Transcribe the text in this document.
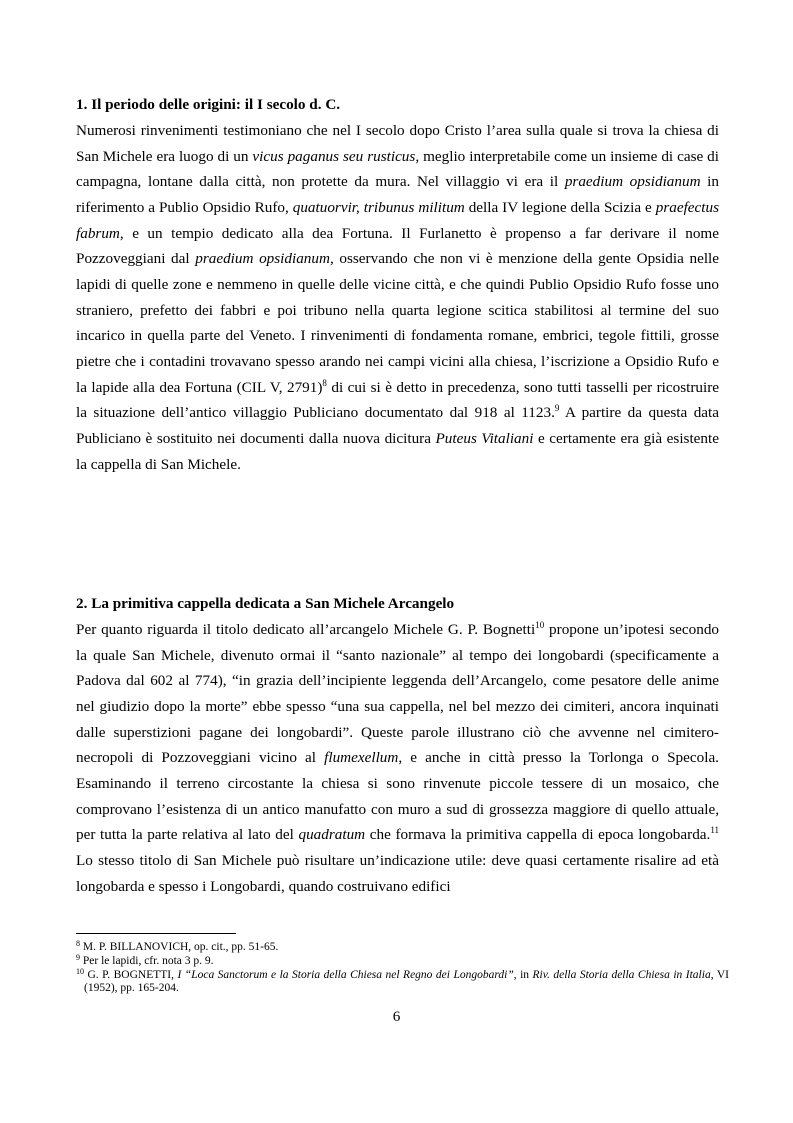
1. Il periodo delle origini: il I secolo d. C.

Numerosi rinvenimenti testimoniano che nel I secolo dopo Cristo l’area sulla quale si trova la chiesa di San Michele era luogo di un vicus paganus seu rusticus, meglio interpretabile come un insieme di case di campagna, lontane dalla città, non protette da mura. Nel villaggio vi era il praedium opsidianum in riferimento a Publio Opsidio Rufo, quatuorvir, tribunus militum della IV legione della Scizia e praefectus fabrum, e un tempio dedicato alla dea Fortuna. Il Furlanetto è propenso a far derivare il nome Pozzoveggiani dal praedium opsidianum, osservando che non vi è menzione della gente Opsidia nelle lapidi di quelle zone e nemmeno in quelle delle vicine città, e che quindi Publio Opsidio Rufo fosse uno straniero, prefetto dei fabbri e poi tribuno nella quarta legione scitica stabilitosi al termine del suo incarico in quella parte del Veneto. I rinvenimenti di fondamenta romane, embrici, tegole fittili, grosse pietre che i contadini trovavano spesso arando nei campi vicini alla chiesa, l’iscrizione a Opsidio Rufo e la lapide alla dea Fortuna (CIL V, 2791)$^8$ di cui si è detto in precedenza, sono tutti tasselli per ricostruire la situazione dell’antico villaggio Publiciano documentato dal 918 al 1123.$^9$ A partire da questa data Publiciano è sostituito nei documenti dalla nuova dicitura Puteus Vitaliani e certamente era già esistente la cappella di San Michele.

2. La primitiva cappella dedicata a San Michele Arcangelo

Per quanto riguarda il titolo dedicato all’arcangelo Michele G. P. Bognetti$^{10}$ propone un’ipotesi secondo la quale San Michele, divenuto ormai il “santo nazionale” al tempo dei longobardi (specificamente a Padova dal 602 al 774), “in grazia dell’incipiente leggenda dell’Arcangelo, come pesatore delle anime nel giudizio dopo la morte” ebbe spesso “una sua cappella, nel bel mezzo dei cimiteri, ancora inquinati dalle superstizioni pagane dei longobardi”. Queste parole illustrano ciò che avvenne nel cimitero-necropoli di Pozzoveggiani vicino al flumexellum, e anche in città presso la Torlonga o Specola. Esaminando il terreno circostante la chiesa si sono rinvenute piccole tessere di un mosaico, che comprovano l’esistenza di un antico manufatto con muro a sud di grossezza maggiore di quello attuale, per tutta la parte relativa al lato del quadratum che formava la primitiva cappella di epoca longobarda.$^{11}$ Lo stesso titolo di San Michele può risultare un’indicazione utile: deve quasi certamente risalire ad età longobarda e spesso i Longobardi, quando costruivano edifici

$^8$ M. P. BILLANOVICH, op. cit., pp. 51-65.
$^9$ Per le lapidi, cfr. nota 3 p. 9.
$^{10}$ G. P. BOGNETTI, I “Loca Sanctorum e la Storia della Chiesa nel Regno dei Longobardi”, in Riv. della Storia della Chiesa in Italia, VI (1952), pp. 165-204.
6
